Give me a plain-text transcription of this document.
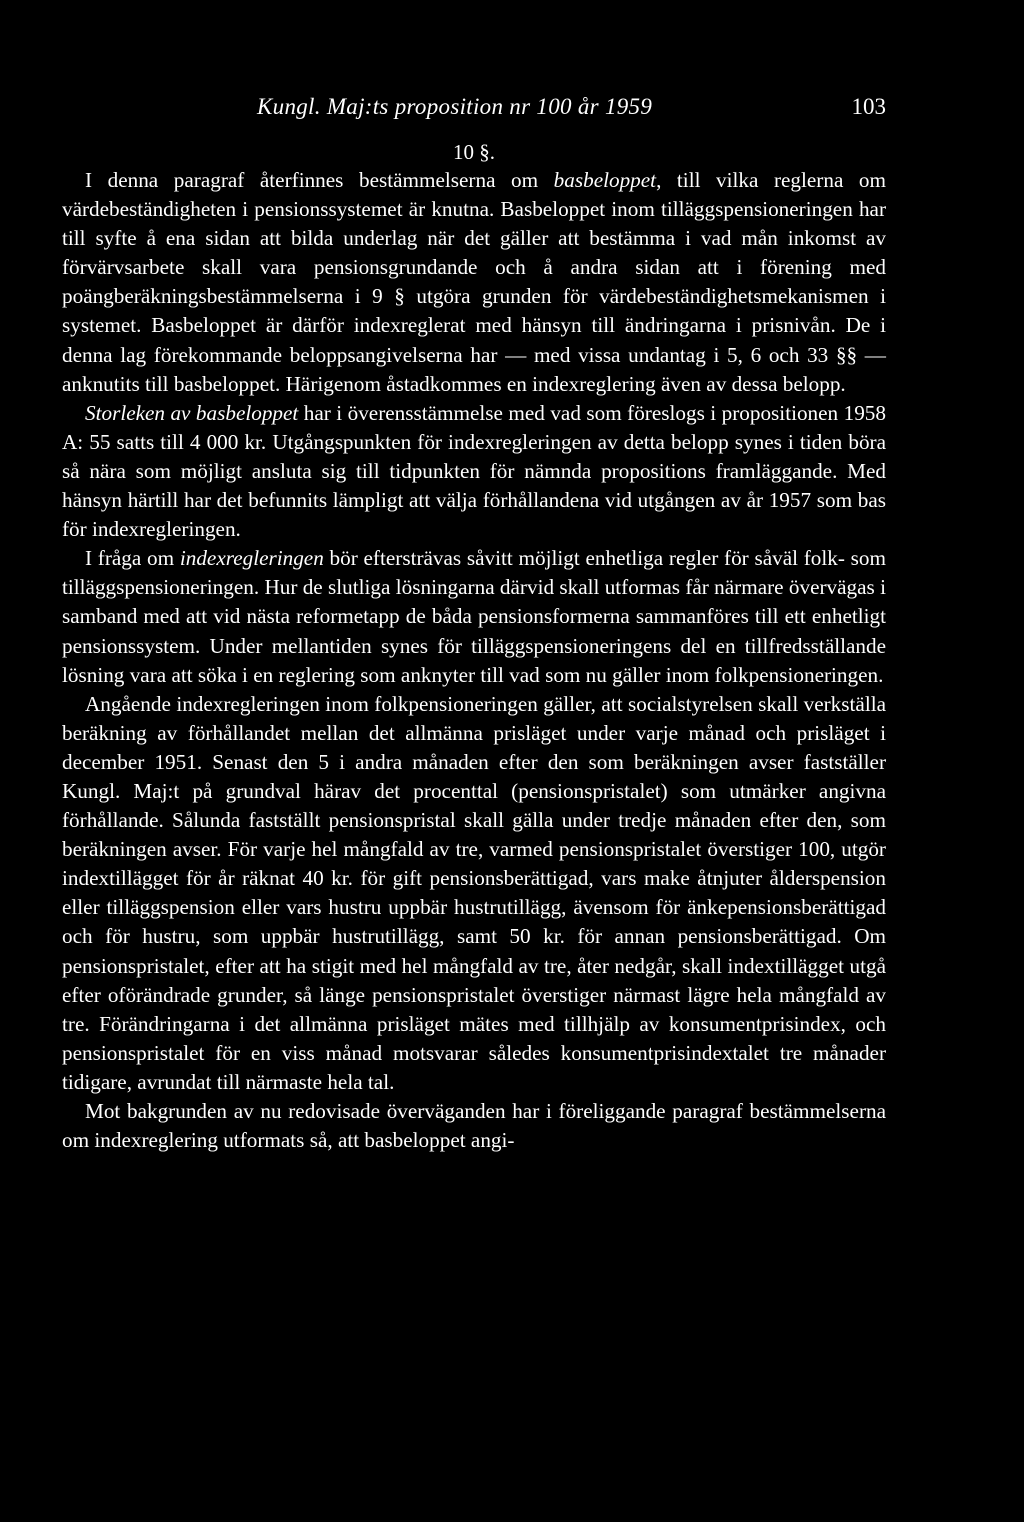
Kungl. Maj:ts proposition nr 100 år 1959	103
10 §.

I denna paragraf återfinnes bestämmelserna om basbeloppet, till vilka reglerna om värdebeständigheten i pensionssystemet är knutna. Basbeloppet inom tilläggspensioneringen har till syfte å ena sidan att bilda underlag när det gäller att bestämma i vad mån inkomst av förvärvsarbete skall vara pensionsgrundande och å andra sidan att i förening med poängberäkningsbestämmelserna i 9 § utgöra grunden för värdebeständighetsmekanismen i systemet. Basbeloppet är därför indexreglerat med hänsyn till ändringarna i prisnivån. De i denna lag förekommande beloppsangivelserna har — med vissa undantag i 5, 6 och 33 §§ — anknutits till basbeloppet. Härigenom åstadkommes en indexreglering även av dessa belopp.

Storleken av basbeloppet har i överensstämmelse med vad som föreslogs i propositionen 1958 A: 55 satts till 4 000 kr. Utgångspunkten för indexregleringen av detta belopp synes i tiden böra så nära som möjligt ansluta sig till tidpunkten för nämnda propositions framläggande. Med hänsyn härtill har det befunnits lämpligt att välja förhållandena vid utgången av år 1957 som bas för indexregleringen.

I fråga om indexregleringen bör eftersträvas såvitt möjligt enhetliga regler för såväl folk- som tilläggspensioneringen. Hur de slutliga lösningarna därvid skall utformas får närmare övervägas i samband med att vid nästa reformetapp de båda pensionsformerna sammanföres till ett enhetligt pensionssystem. Under mellantiden synes för tilläggspensioneringens del en tillfredsställande lösning vara att söka i en reglering som anknyter till vad som nu gäller inom folkpensioneringen.

Angående indexregleringen inom folkpensioneringen gäller, att socialstyrelsen skall verkställa beräkning av förhållandet mellan det allmänna prisläget under varje månad och prisläget i december 1951. Senast den 5 i andra månaden efter den som beräkningen avser fastställer Kungl. Maj:t på grundval härav det procenttal (pensionspristalet) som utmärker angivna förhållande. Sålunda fastställt pensionspristal skall gälla under tredje månaden efter den, som beräkningen avser. För varje hel mångfald av tre, varmed pensionspristalet överstiger 100, utgör indextillägget för år räknat 40 kr. för gift pensionsberättigad, vars make åtnjuter ålderspension eller tilläggspension eller vars hustru uppbär hustrutillägg, ävensom för änkepensionsberättigad och för hustru, som uppbär hustrutillägg, samt 50 kr. för annan pensionsberättigad. Om pensionspristalet, efter att ha stigit med hel mångfald av tre, åter nedgår, skall indextillägget utgå efter oförändrade grunder, så länge pensionspristalet överstiger närmast lägre hela mångfald av tre. Förändringarna i det allmänna prisläget mätes med tillhjälp av konsumentprisindex, och pensionspristalet för en viss månad motsvarar således konsumentprisindextalet tre månader tidigare, avrundat till närmaste hela tal.

Mot bakgrunden av nu redovisade överväganden har i föreliggande paragraf bestämmelserna om indexreglering utformats så, att basbeloppet angi-
